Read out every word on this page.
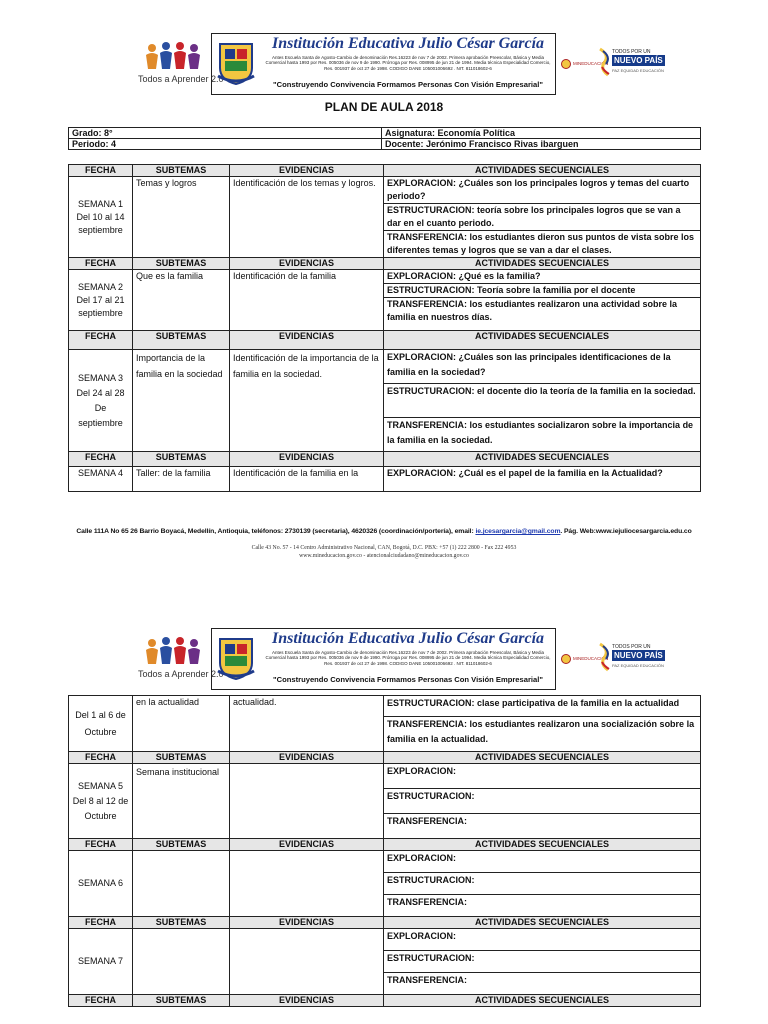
Todos a Aprender 2.0
Institución Educativa Julio César García
Antes Escuela Santa de Agosto-Cambio de denominación Res.16223 de nov 7 de 2002. Primera aprobación Preescolar, Básica y Media Comercial hasta 1993 por Res. 005036 de nov 9 de 1990. Prórroga por Res. 008995 de jun 21 de 1994. Media técnica Especialidad Comercio, Res. 001937 de oct 27 de 1998. CODIGO DANE 105001006692 . NIT. 811018602-6
"Construyendo Convivencia Formamos Personas Con Visión Empresarial"
MINEDUCACIÓN
TODOS POR UN
NUEVO PAÍS
PAZ EQUIDAD EDUCACIÓN
PLAN DE AULA 2018
Grado: 8°	Asignatura: Economía Política
Periodo: 4	Docente: Jerónimo Francisco Rivas ibarguen
FECHA	SUBTEMAS	EVIDENCIAS	ACTIVIDADES SECUENCIALES
SEMANA 1 Del 10 al 14 septiembre	Temas y logros	Identificación de los temas y logros.	EXPLORACION: ¿Cuáles son los principales logros y temas del cuarto periodo?
			ESTRUCTURACION: teoría sobre los principales logros que se van a dar en el cuanto periodo.
			TRANSFERENCIA: los estudiantes dieron sus puntos de vista sobre los diferentes temas y logros que se van a dar el clases.
FECHA	SUBTEMAS	EVIDENCIAS	ACTIVIDADES SECUENCIALES
SEMANA 2 Del 17 al 21 septiembre	Que es la familia	Identificación de la familia	EXPLORACION: ¿Qué es la familia?
			ESTRUCTURACION: Teoría sobre la familia por el docente
			TRANSFERENCIA: los estudiantes realizaron una actividad sobre la familia en nuestros días.
FECHA	SUBTEMAS	EVIDENCIAS	ACTIVIDADES SECUENCIALES
SEMANA 3 Del 24 al 28 De septiembre	Importancia de la familia en la sociedad	Identificación de la importancia de la familia en la sociedad.	EXPLORACION: ¿Cuáles son las principales identificaciones de la familia en la sociedad?
			ESTRUCTURACION: el docente dio la teoría de la familia en la sociedad.
			TRANSFERENCIA: los estudiantes socializaron sobre la importancia de la familia en la sociedad.
FECHA	SUBTEMAS	EVIDENCIAS	ACTIVIDADES SECUENCIALES
SEMANA 4	Taller: de la familia	Identificación de la familia en la	EXPLORACION: ¿Cuál es el papel de la familia en la Actualidad?
Calle 111A No 65 26 Barrio Boyacá, Medellín, Antioquia, teléfonos: 2730139 (secretaria), 4620326 (coordinación/portería), email: ie.jcesargarcia@gmail.com. Pág. Web:www.iejuliocesargarcia.edu.co
Calle 43 No. 57 - 14 Centro Administrativo Nacional, CAN, Bogotá, D.C. PBX: +57 (1) 222 2800 - Fax 222 4953
www.mineducacion.gov.co - atencionalciudadano@mineducacion.gov.co
Todos a Aprender 2.0
Institución Educativa Julio César García
Antes Escuela Santa de Agosto-Cambio de denominación Res.16223 de nov 7 de 2002. Primera aprobación Preescolar, Básica y Media Comercial hasta 1993 por Res. 005036 de nov 9 de 1990. Prórroga por Res. 008995 de jun 21 de 1994. Media técnica Especialidad Comercio, Res. 001937 de oct 27 de 1998. CODIGO DANE 105001006692 . NIT. 811018602-6
"Construyendo Convivencia Formamos Personas Con Visión Empresarial"
MINEDUCACIÓN
TODOS POR UN
NUEVO PAÍS
PAZ EQUIDAD EDUCACIÓN
Del 1 al 6 de Octubre	en la actualidad	actualidad.	ESTRUCTURACION: clase participativa de la familia en la actualidad
			TRANSFERENCIA: los estudiantes realizaron una socialización sobre la familia en la actualidad.
FECHA	SUBTEMAS	EVIDENCIAS	ACTIVIDADES SECUENCIALES
SEMANA 5 Del 8 al 12 de Octubre	Semana institucional		EXPLORACION:
			ESTRUCTURACION:
			TRANSFERENCIA:
FECHA	SUBTEMAS	EVIDENCIAS	ACTIVIDADES SECUENCIALES
SEMANA 6			EXPLORACION:
			ESTRUCTURACION:
			TRANSFERENCIA:
FECHA	SUBTEMAS	EVIDENCIAS	ACTIVIDADES SECUENCIALES
SEMANA 7			EXPLORACION:
			ESTRUCTURACION:
			TRANSFERENCIA:
FECHA	SUBTEMAS	EVIDENCIAS	ACTIVIDADES SECUENCIALES
